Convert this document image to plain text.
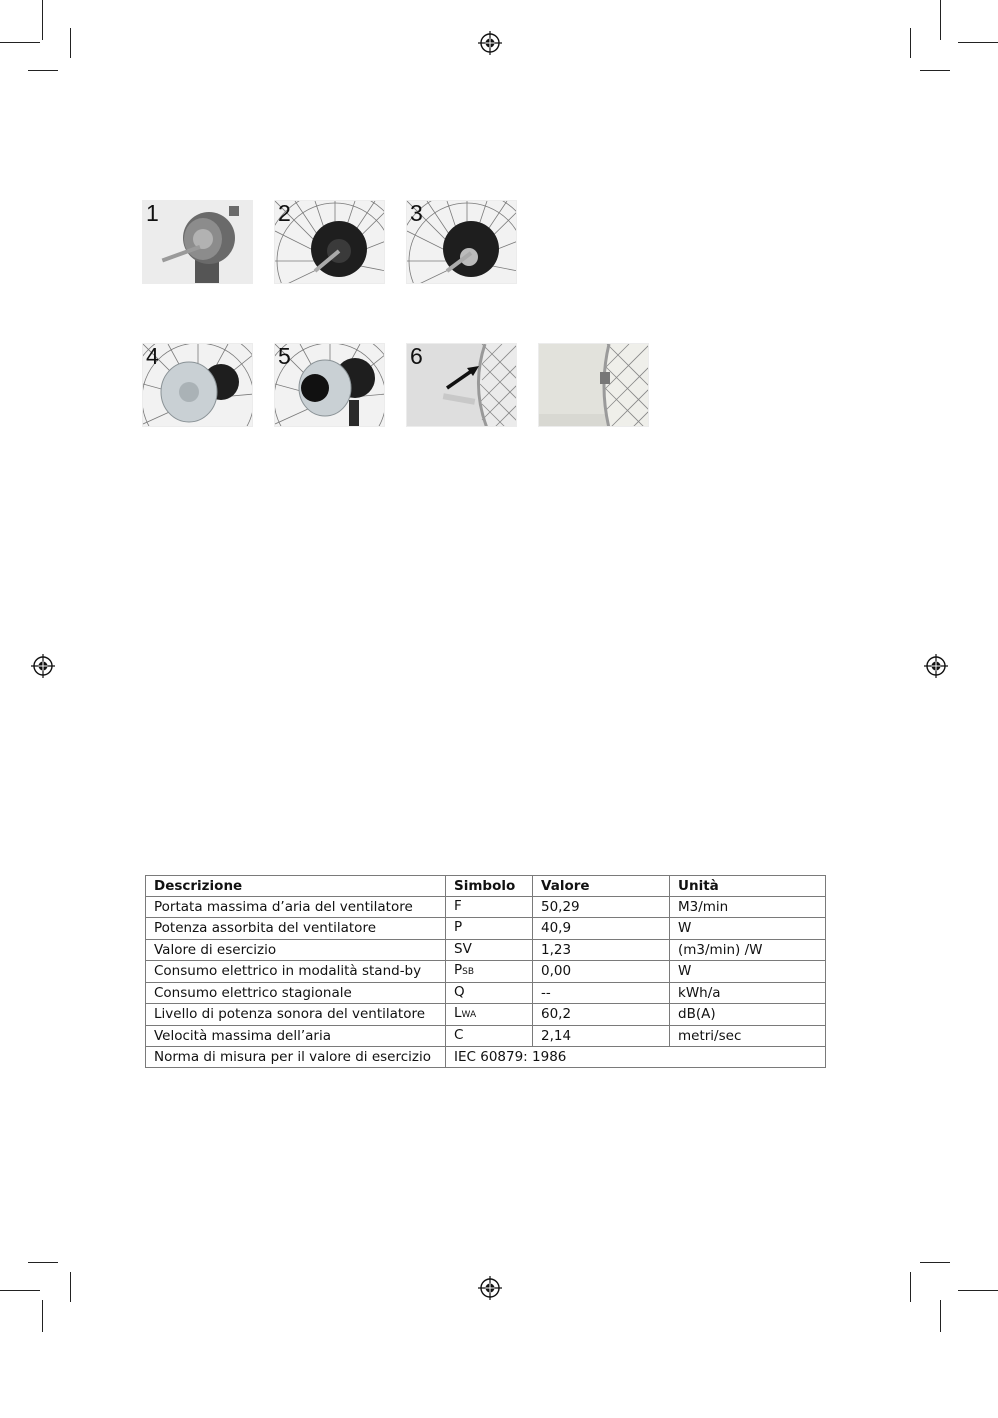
1	2	3
4	5	6
Descrizione	Simbolo	Valore	Unità
Portata massima d’aria del ventilatore	F	50,29	M3/min
Potenza assorbita del ventilatore	P	40,9	W
Valore di esercizio	SV	1,23	(m3/min) /W
Consumo elettrico in modalità stand-by	PSB	0,00	W
Consumo elettrico stagionale	Q	--	kWh/a
Livello di potenza sonora del ventilatore	LWA	60,2	dB(A)
Velocità massima dell’aria	C	2,14	metri/sec
Norma di misura per il valore di esercizio	IEC 60879: 1986		
